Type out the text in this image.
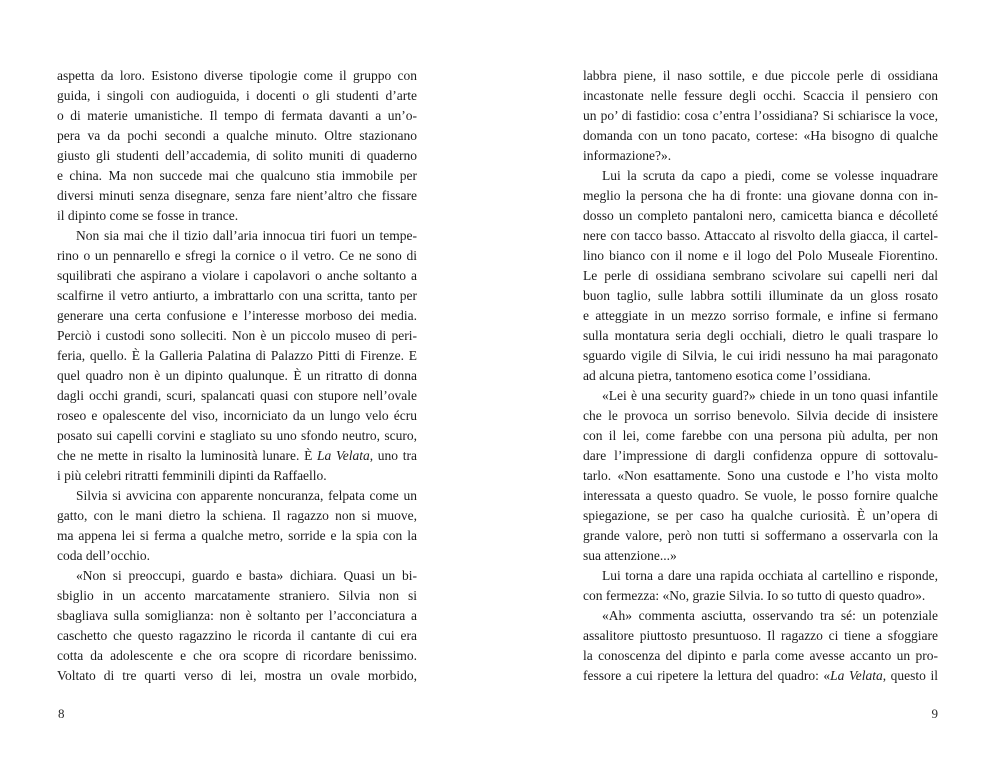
aspetta da loro. Esistono diverse tipologie come il gruppo con
guida, i singoli con audioguida, i docenti o gli studenti d’arte
o di materie umanistiche. Il tempo di fermata davanti a un’o-
pera va da pochi secondi a qualche minuto. Oltre stazionano
giusto gli studenti dell’accademia, di solito muniti di quaderno
e china. Ma non succede mai che qualcuno stia immobile per
diversi minuti senza disegnare, senza fare nient’altro che fissare
il dipinto come se fosse in trance.
Non sia mai che il tizio dall’aria innocua tiri fuori un tempe-
rino o un pennarello e sfregi la cornice o il vetro. Ce ne sono di
squilibrati che aspirano a violare i capolavori o anche soltanto a
scalfirne il vetro antiurto, a imbrattarlo con una scritta, tanto per
generare una certa confusione e l’interesse morboso dei media.
Perciò i custodi sono solleciti. Non è un piccolo museo di peri-
feria, quello. È la Galleria Palatina di Palazzo Pitti di Firenze. E
quel quadro non è un dipinto qualunque. È un ritratto di donna
dagli occhi grandi, scuri, spalancati quasi con stupore nell’ovale
roseo e opalescente del viso, incorniciato da un lungo velo écru
posato sui capelli corvini e stagliato su uno sfondo neutro, scuro,
che ne mette in risalto la luminosità lunare. È La Velata, uno tra
i più celebri ritratti femminili dipinti da Raffaello.
Silvia si avvicina con apparente noncuranza, felpata come un
gatto, con le mani dietro la schiena. Il ragazzo non si muove,
ma appena lei si ferma a qualche metro, sorride e la spia con la
coda dell’occhio.
«Non si preoccupi, guardo e basta» dichiara. Quasi un bi-
sbiglio in un accento marcatamente straniero. Silvia non si
sbagliava sulla somiglianza: non è soltanto per l’acconciatura a
caschetto che questo ragazzino le ricorda il cantante di cui era
cotta da adolescente e che ora scopre di ricordare benissimo.
Voltato di tre quarti verso di lei, mostra un ovale morbido,
labbra piene, il naso sottile, e due piccole perle di ossidiana
incastonate nelle fessure degli occhi. Scaccia il pensiero con
un po’ di fastidio: cosa c’entra l’ossidiana? Si schiarisce la voce,
domanda con un tono pacato, cortese: «Ha bisogno di qualche
informazione?».
Lui la scruta da capo a piedi, come se volesse inquadrare
meglio la persona che ha di fronte: una giovane donna con in-
dosso un completo pantaloni nero, camicetta bianca e décolleté
nere con tacco basso. Attaccato al risvolto della giacca, il cartel-
lino bianco con il nome e il logo del Polo Museale Fiorentino.
Le perle di ossidiana sembrano scivolare sui capelli neri dal
buon taglio, sulle labbra sottili illuminate da un gloss rosato
e atteggiate in un mezzo sorriso formale, e infine si fermano
sulla montatura seria degli occhiali, dietro le quali traspare lo
sguardo vigile di Silvia, le cui iridi nessuno ha mai paragonato
ad alcuna pietra, tantomeno esotica come l’ossidiana.
«Lei è una security guard?» chiede in un tono quasi infantile
che le provoca un sorriso benevolo. Silvia decide di insistere
con il lei, come farebbe con una persona più adulta, per non
dare l’impressione di dargli confidenza oppure di sottovalu-
tarlo. «Non esattamente. Sono una custode e l’ho vista molto
interessata a questo quadro. Se vuole, le posso fornire qualche
spiegazione, se per caso ha qualche curiosità. È un’opera di
grande valore, però non tutti si soffermano a osservarla con la
sua attenzione...»
Lui torna a dare una rapida occhiata al cartellino e risponde,
con fermezza: «No, grazie Silvia. Io so tutto di questo quadro».
«Ah» commenta asciutta, osservando tra sé: un potenziale
assalitore piuttosto presuntuoso. Il ragazzo ci tiene a sfoggiare
la conoscenza del dipinto e parla come avesse accanto un pro-
fessore a cui ripetere la lettura del quadro: «La Velata, questo il
8	9
